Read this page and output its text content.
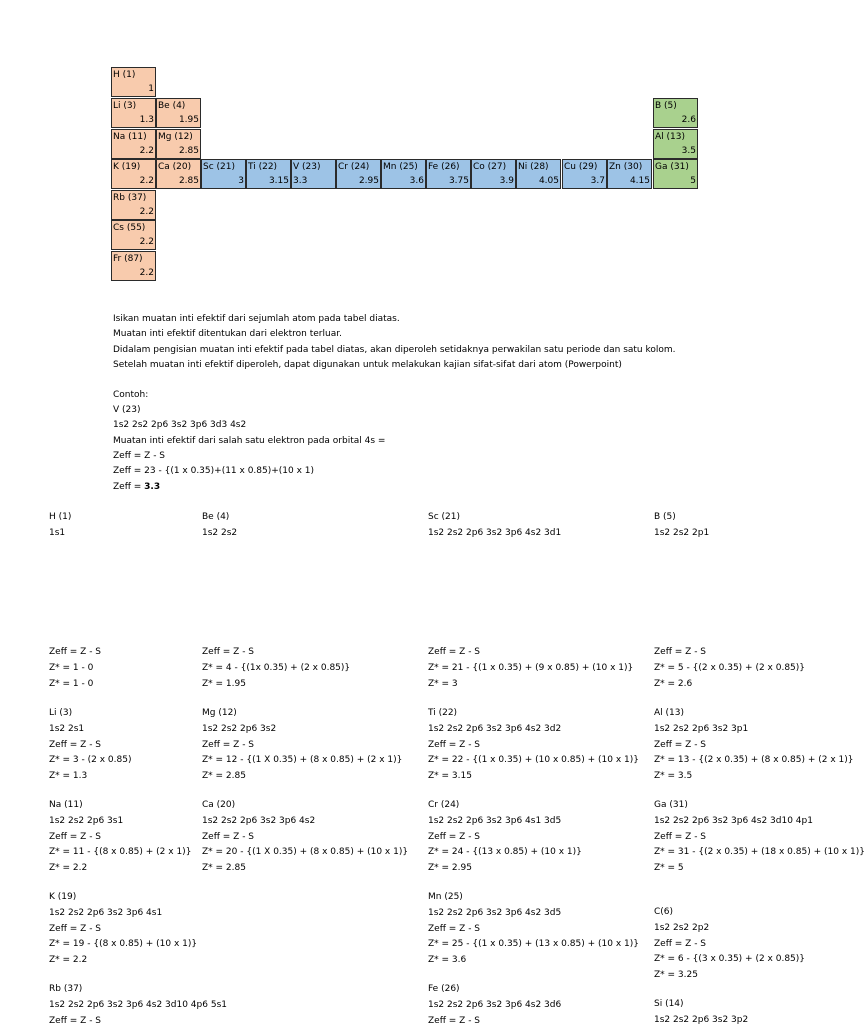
H (1)
1
Li (3)
1.3
Be (4)
1.95
B (5)
2.6
Na (11)
2.2
Mg (12)
2.85
Al (13)
3.5
K (19)
2.2
Ca (20)
2.85
Sc (21)
3
Ti (22)
3.15
V (23)
3.3
Cr (24)
2.95
Mn (25)
3.6
Fe (26)
3.75
Co (27)
3.9
Ni (28)
4.05
Cu (29)
3.7
Zn (30)
4.15
Ga (31)
5
Rb (37)
2.2
Cs (55)
2.2
Fr (87)
2.2
Isikan muatan inti efektif dari sejumlah atom pada tabel diatas.
Muatan inti efektif ditentukan dari elektron terluar.
Didalam pengisian muatan inti efektif pada tabel diatas, akan diperoleh setidaknya perwakilan satu periode dan satu kolom.
Setelah muatan inti efektif diperoleh, dapat digunakan untuk melakukan kajian sifat-sifat dari atom (Powerpoint)
Contoh:
V (23)
1s2 2s2 2p6 3s2 3p6 3d3 4s2
Muatan inti efektif dari salah satu elektron pada orbital 4s =
Zeff = Z - S
Zeff = 23 - {(1 x 0.35)+(11 x 0.85)+(10 x 1)
Zeff = 3.3
H (1)
1s1
Be (4)
1s2 2s2
Sc (21)
1s2 2s2 2p6 3s2 3p6 4s2 3d1
B (5)
1s2 2s2 2p1
Zeff = Z - S
Z* = 1 - 0
Z* = 1 - 0
Zeff = Z - S
Z* = 4 - {(1x 0.35) + (2 x 0.85)}
Z* = 1.95
Zeff = Z - S
Z* = 21 - {(1 x 0.35) + (9 x 0.85) + (10 x 1)}
Z* = 3
Zeff = Z - S
Z* = 5 - {(2 x 0.35) + (2 x 0.85)}
Z* = 2.6
Li (3)
1s2 2s1
Zeff = Z - S
Z* = 3 - (2 x 0.85)
Z* = 1.3
Mg (12)
1s2 2s2 2p6 3s2
Zeff = Z - S
Z* = 12 - {(1 X 0.35) + (8 x 0.85) + (2 x 1)}
Z* = 2.85
Ti (22)
1s2 2s2 2p6 3s2 3p6 4s2 3d2
Zeff = Z - S
Z* = 22 - {(1 x 0.35) + (10 x 0.85) + (10 x 1)}
Z* = 3.15
Al (13)
1s2 2s2 2p6 3s2 3p1
Zeff = Z - S
Z* = 13 - {(2 x 0.35) + (8 x 0.85) + (2 x 1)}
Z* = 3.5
Na (11)
1s2 2s2 2p6 3s1
Zeff = Z - S
Z* = 11 - {(8 x 0.85) + (2 x 1)}
Z* = 2.2
Ca (20)
1s2 2s2 2p6 3s2 3p6 4s2
Zeff = Z - S
Z* = 20 - {(1 X 0.35) + (8 x 0.85) + (10 x 1)}
Z* = 2.85
Cr (24)
1s2 2s2 2p6 3s2 3p6 4s1 3d5
Zeff = Z - S
Z* = 24 - {(13 x 0.85) + (10 x 1)}
Z* = 2.95
Ga (31)
1s2 2s2 2p6 3s2 3p6 4s2 3d10 4p1
Zeff = Z - S
Z* = 31 - {(2 x 0.35) + (18 x 0.85) + (10 x 1)}
Z* = 5
K (19)
1s2 2s2 2p6 3s2 3p6 4s1
Zeff = Z - S
Z* = 19 - {(8 x 0.85) + (10 x 1)}
Z* = 2.2
Mn (25)
1s2 2s2 2p6 3s2 3p6 4s2 3d5
Zeff = Z - S
Z* = 25 - {(1 x 0.35) + (13 x 0.85) + (10 x 1)}
Z* = 3.6
C(6)
1s2 2s2 2p2
Zeff = Z - S
Z* = 6 - {(3 x 0.35) + (2 x 0.85)}
Z* = 3.25
Rb (37)
1s2 2s2 2p6 3s2 3p6 4s2 3d10 4p6 5s1
Zeff = Z - S
Fe (26)
1s2 2s2 2p6 3s2 3p6 4s2 3d6
Zeff = Z - S
Si (14)
1s2 2s2 2p6 3s2 3p2
